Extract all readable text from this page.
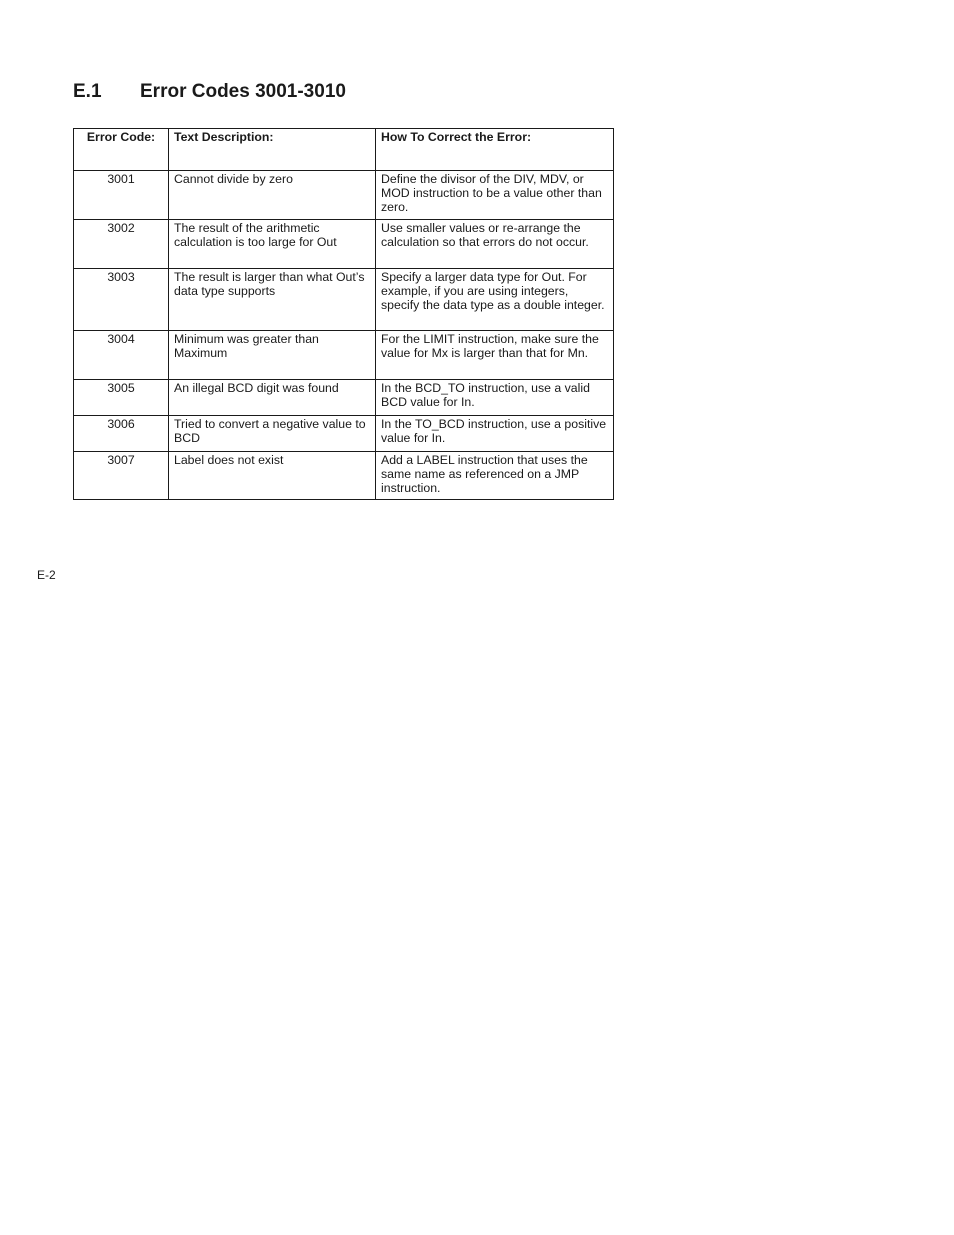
E.1 Error Codes 3001-3010
Error Code:	Text Description:	How To Correct the Error:
3001	Cannot divide by zero	Define the divisor of the DIV, MDV, or MOD instruction to be a value other than zero.
3002	The result of the arithmetic calculation is too large for Out	Use smaller values or re-arrange the calculation so that errors do not occur.
3003	The result is larger than what Out’s data type supports	Specify a larger data type for Out. For example, if you are using integers, specify the data type as a double integer.
3004	Minimum was greater than Maximum	For the LIMIT instruction, make sure the value for Mx is larger than that for Mn.
3005	An illegal BCD digit was found	In the BCD_TO instruction, use a valid BCD value for In.
3006	Tried to convert a negative value to BCD	In the TO_BCD instruction, use a positive value for In.
3007	Label does not exist	Add a LABEL instruction that uses the same name as referenced on a JMP instruction.
E-2
